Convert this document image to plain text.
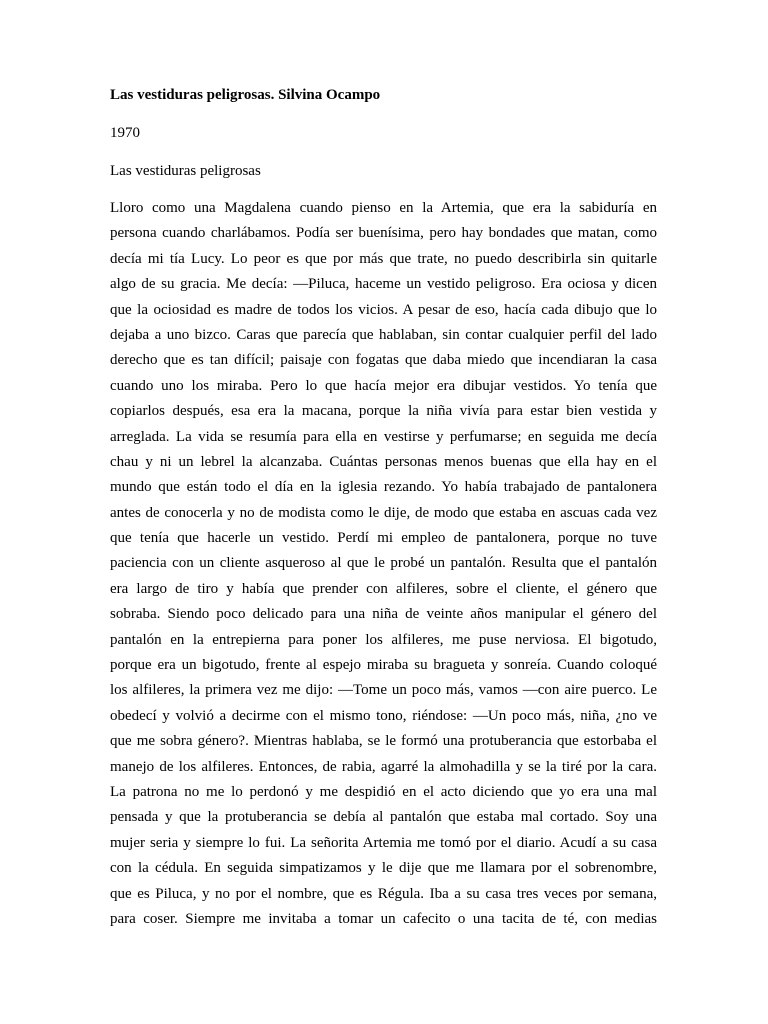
Las vestiduras peligrosas. Silvina Ocampo
1970
Las vestiduras peligrosas
Lloro como una Magdalena cuando pienso en la Artemia, que era la sabiduría en
persona cuando charlábamos. Podía ser buenísima, pero hay bondades que matan, como
decía mi tía Lucy. Lo peor es que por más que trate, no puedo describirla sin quitarle
algo de su gracia. Me decía: —Piluca, haceme un vestido peligroso. Era ociosa y dicen
que la ociosidad es madre de todos los vicios. A pesar de eso, hacía cada dibujo que lo
dejaba a uno bizco. Caras que parecía que hablaban, sin contar cualquier perfil del lado
derecho que es tan difícil; paisaje con fogatas que daba miedo que incendiaran la casa
cuando uno los miraba. Pero lo que hacía mejor era dibujar vestidos. Yo tenía que
copiarlos después, esa era la macana, porque la niña vivía para estar bien vestida y
arreglada. La vida se resumía para ella en vestirse y perfumarse; en seguida me decía
chau y ni un lebrel la alcanzaba. Cuántas personas menos buenas que ella hay en el
mundo que están todo el día en la iglesia rezando. Yo había trabajado de pantalonera
antes de conocerla y no de modista como le dije, de modo que estaba en ascuas cada vez
que tenía que hacerle un vestido. Perdí mi empleo de pantalonera, porque no tuve
paciencia con un cliente asqueroso al que le probé un pantalón. Resulta que el pantalón
era largo de tiro y había que prender con alfileres, sobre el cliente, el género que
sobraba. Siendo poco delicado para una niña de veinte años manipular el género del
pantalón en la entrepierna para poner los alfileres, me puse nerviosa. El bigotudo,
porque era un bigotudo, frente al espejo miraba su bragueta y sonreía. Cuando coloqué
los alfileres, la primera vez me dijo: —Tome un poco más, vamos —con aire puerco. Le
obedecí y volvió a decirme con el mismo tono, riéndose: —Un poco más, niña, ¿no ve
que me sobra género?. Mientras hablaba, se le formó una protuberancia que estorbaba el
manejo de los alfileres. Entonces, de rabia, agarré la almohadilla y se la tiré por la cara.
La patrona no me lo perdonó y me despidió en el acto diciendo que yo era una mal
pensada y que la protuberancia se debía al pantalón que estaba mal cortado. Soy una
mujer seria y siempre lo fui. La señorita Artemia me tomó por el diario. Acudí a su casa
con la cédula. En seguida simpatizamos y le dije que me llamara por el sobrenombre,
que es Piluca, y no por el nombre, que es Régula. Iba a su casa tres veces por semana,
para coser. Siempre me invitaba a tomar un cafecito o una tacita de té, con medias
